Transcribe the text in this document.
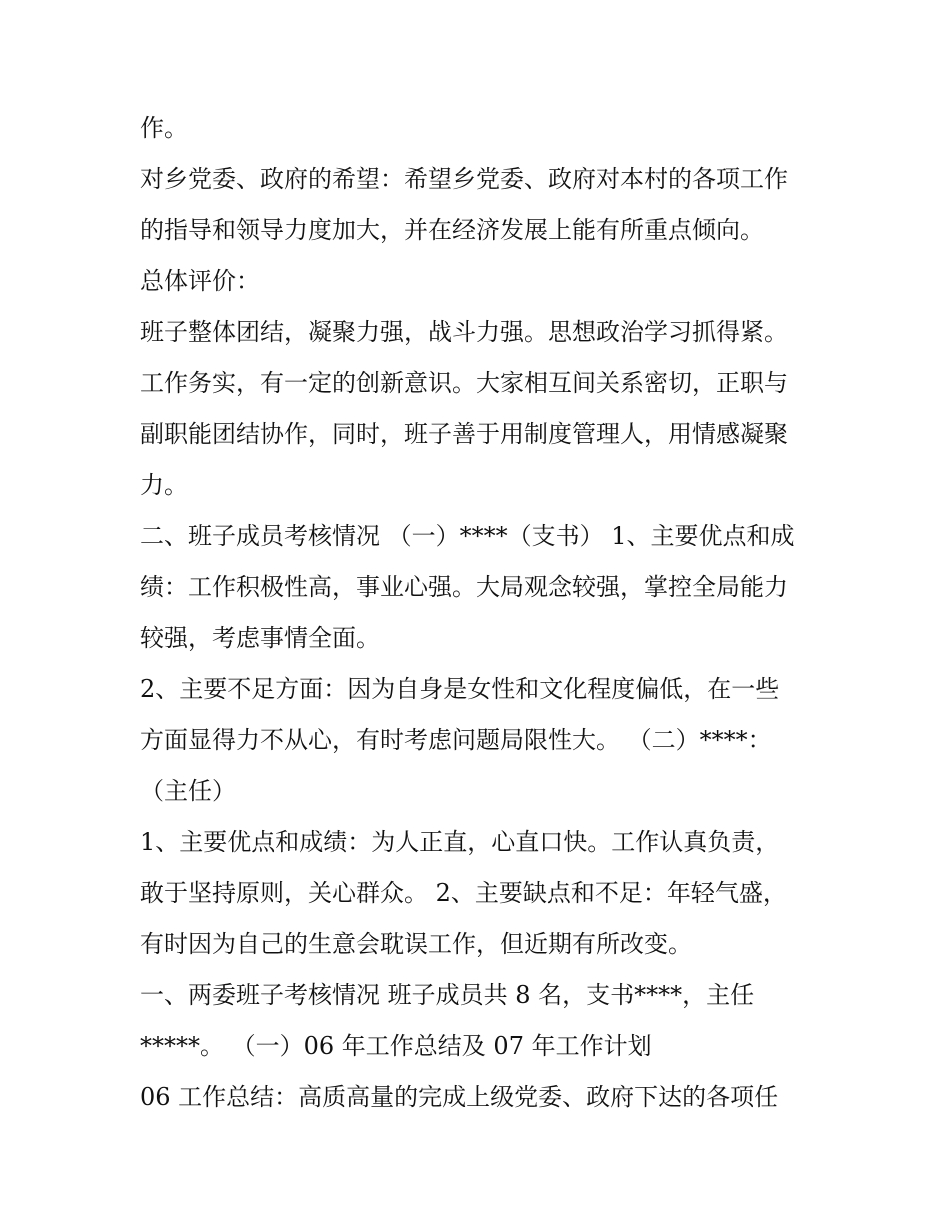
作。
对乡党委、政府的希望：希望乡党委、政府对本村的各项工作
的指导和领导力度加大，并在经济发展上能有所重点倾向。
总体评价：
班子整体团结，凝聚力强，战斗力强。思想政治学习抓得紧。
工作务实，有一定的创新意识。大家相互间关系密切，正职与
副职能团结协作，同时，班子善于用制度管理人，用情感凝聚
力。
二、班子成员考核情况 （一）****（支书） 1、主要优点和成
绩：工作积极性高，事业心强。大局观念较强，掌控全局能力
较强，考虑事情全面。
2、主要不足方面：因为自身是女性和文化程度偏低，在一些
方面显得力不从心，有时考虑问题局限性大。 （二）****：
（主任）
1、主要优点和成绩：为人正直，心直口快。工作认真负责，
敢于坚持原则，关心群众。 2、主要缺点和不足：年轻气盛，
有时因为自己的生意会耽误工作，但近期有所改变。
一、两委班子考核情况 班子成员共 8 名，支书****，主任
*****。 （一）06 年工作总结及 07 年工作计划
06 工作总结：高质高量的完成上级党委、政府下达的各项任
